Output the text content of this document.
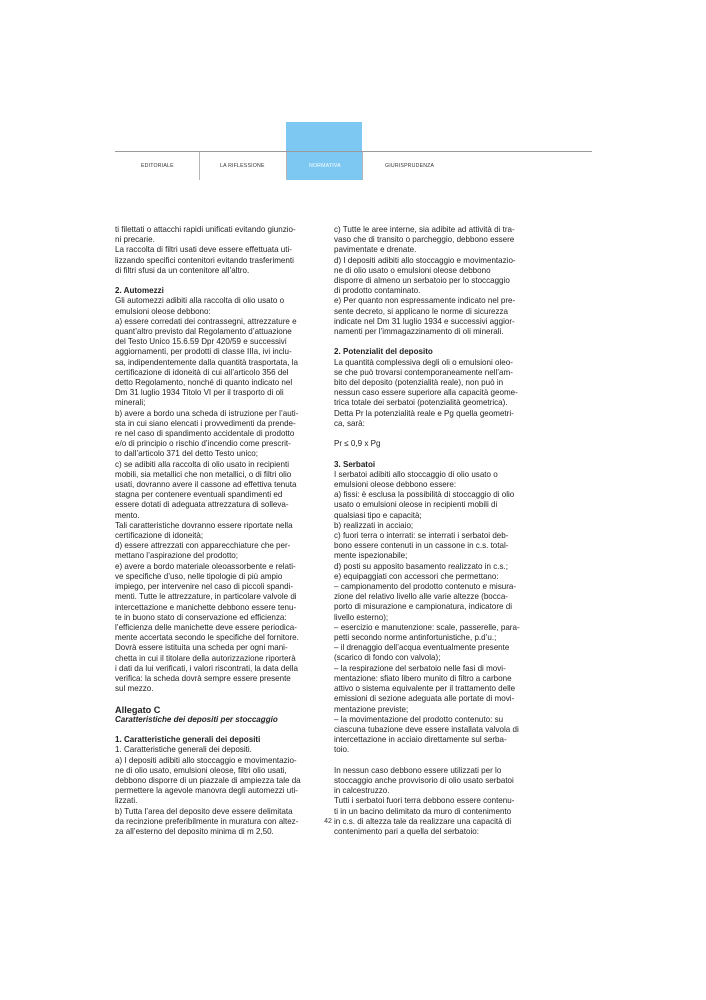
EDITORIALE	LA RIFLESSIONE	NORMATIVA	GIURISPRUDENZA

ti filettati o attacchi rapidi unificati evitando giunzio-

ni precarie.

La raccolta di filtri usati deve essere effettuata uti-

lizzando specifici contenitori evitando trasferimenti

di filtri sfusi da un contenitore all’altro.

2. Automezzi

Gli automezzi adibiti alla raccolta di olio usato o

emulsioni oleose debbono:

a) essere corredati dei contrassegni, attrezzature e

quant’altro previsto dal Regolamento d’attuazione

del Testo Unico 15.6.59 Dpr 420/59 e successivi

aggiornamenti, per prodotti di classe IIIa, ivi inclu-

sa, indipendentemente dalla quantità trasportata, la

certificazione di idoneità di cui all’articolo 356 del

detto Regolamento, nonché di quanto indicato nel

Dm 31 luglio 1934 Titolo VI per il trasporto di oli

minerali;

b) avere a bordo una scheda di istruzione per l’auti-

sta in cui siano elencati i provvedimenti da prende-

re nel caso di spandimento accidentale di prodotto

e/o di principio o rischio d’incendio come prescrit-

to dall’articolo 371 del detto Testo unico;

c) se adibiti alla raccolta di olio usato in recipienti

mobili, sia metallici che non metallici, o di filtri olio

usati, dovranno avere il cassone ad effettiva tenuta

stagna per contenere eventuali spandimenti ed

essere dotati di adeguata attrezzatura di solleva-

mento.

Tali caratteristiche dovranno essere riportate nella

certificazione di idoneità;

d) essere attrezzati con apparecchiature che per-

mettano l’aspirazione del prodotto;

e) avere a bordo materiale oleoassorbente e relati-

ve specifiche d’uso, nelle tipologie di più ampio

impiego, per intervenire nel caso di piccoli spandi-

menti. Tutte le attrezzature, in particolare valvole di

intercettazione e manichette debbono essere tenu-

te in buono stato di conservazione ed efficienza:

l’efficienza delle manichette deve essere periodica-

mente accertata secondo le specifiche del fornitore.

Dovrà essere istituita una scheda per ogni mani-

chetta in cui il titolare della autorizzazione riporterà

i dati da lui verificati, i valori riscontrati, la data della

verifica: la scheda dovrà sempre essere presente

sul mezzo.

Allegato C

Caratteristiche dei depositi per stoccaggio

1. Caratteristiche generali dei depositi

1. Caratteristiche generali dei depositi.

a) I depositi adibiti allo stoccaggio e movimentazio-

ne di olio usato, emulsioni oleose, filtri olio usati,

debbono disporre di un piazzale di ampiezza tale da

permettere la agevole manovra degli automezzi uti-

lizzati.

b) Tutta l’area del deposito deve essere delimitata

da recinzione preferibilmente in muratura con altez-

za all’esterno del deposito minima di m 2,50.

c) Tutte le aree interne, sia adibite ad attività di tra-

vaso che di transito o parcheggio, debbono essere

pavimentate e drenate.

d) I depositi adibiti allo stoccaggio e movimentazio-

ne di olio usato o emulsioni oleose debbono

disporre di almeno un serbatoio per lo stoccaggio

di prodotto contaminato.

e) Per quanto non espressamente indicato nel pre-

sente decreto, si applicano le norme di sicurezza

indicate nel Dm 31 luglio 1934 e successivi aggior-

namenti per l’immagazzinamento di oli minerali.

2. Potenzialit del deposito

La quantità complessiva degli oli o emulsioni oleo-

se che può trovarsi contemporaneamente nell’am-

bito del deposito (potenzialità reale), non può in

nessun caso essere superiore alla capacità geome-

trica totale dei serbatoi (potenzialità geometrica).

Detta Pr la potenzialità reale e Pg quella geometri-

ca, sarà:

Pr ≤ 0,9 x Pg

3. Serbatoi

I serbatoi adibiti allo stoccaggio di olio usato o

emulsioni oleose debbono essere:

a) fissi: è esclusa la possibilità di stoccaggio di olio

usato o emulsioni oleose in recipienti mobili di

qualsiasi tipo e capacità;

b) realizzati in acciaio;

c) fuori terra o interrati: se interrati i serbatoi deb-

bono essere contenuti in un cassone in c.s. total-

mente ispezionabile;

d) posti su apposito basamento realizzato in c.s.;

e) equipaggiati con accessori che permettano:

– campionamento del prodotto contenuto e misura-

zione del relativo livello alle varie altezze (bocca-

porto di misurazione e campionatura, indicatore di

livello esterno);

– esercizio e manutenzione: scale, passerelle, para-

petti secondo norme antinfortunistiche, p.d’u.;

– il drenaggio dell’acqua eventualmente presente

(scarico di fondo con valvola);

– la respirazione del serbatoio nelle fasi di movi-

mentazione: sfiato libero munito di filtro a carbone

attivo o sistema equivalente per il trattamento delle

emissioni di sezione adeguata alle portate di movi-

mentazione previste;

– la movimentazione del prodotto contenuto: su

ciascuna tubazione deve essere installata valvola di

intercettazione in acciaio direttamente sul serba-

toio.

In nessun caso debbono essere utilizzati per lo

stoccaggio anche provvisorio di olio usato serbatoi

in calcestruzzo.

Tutti i serbatoi fuori terra debbono essere contenu-

ti in un bacino delimitato da muro di contenimento

in c.s. di altezza tale da realizzare una capacità di

contenimento pari a quella del serbatoio:

42
